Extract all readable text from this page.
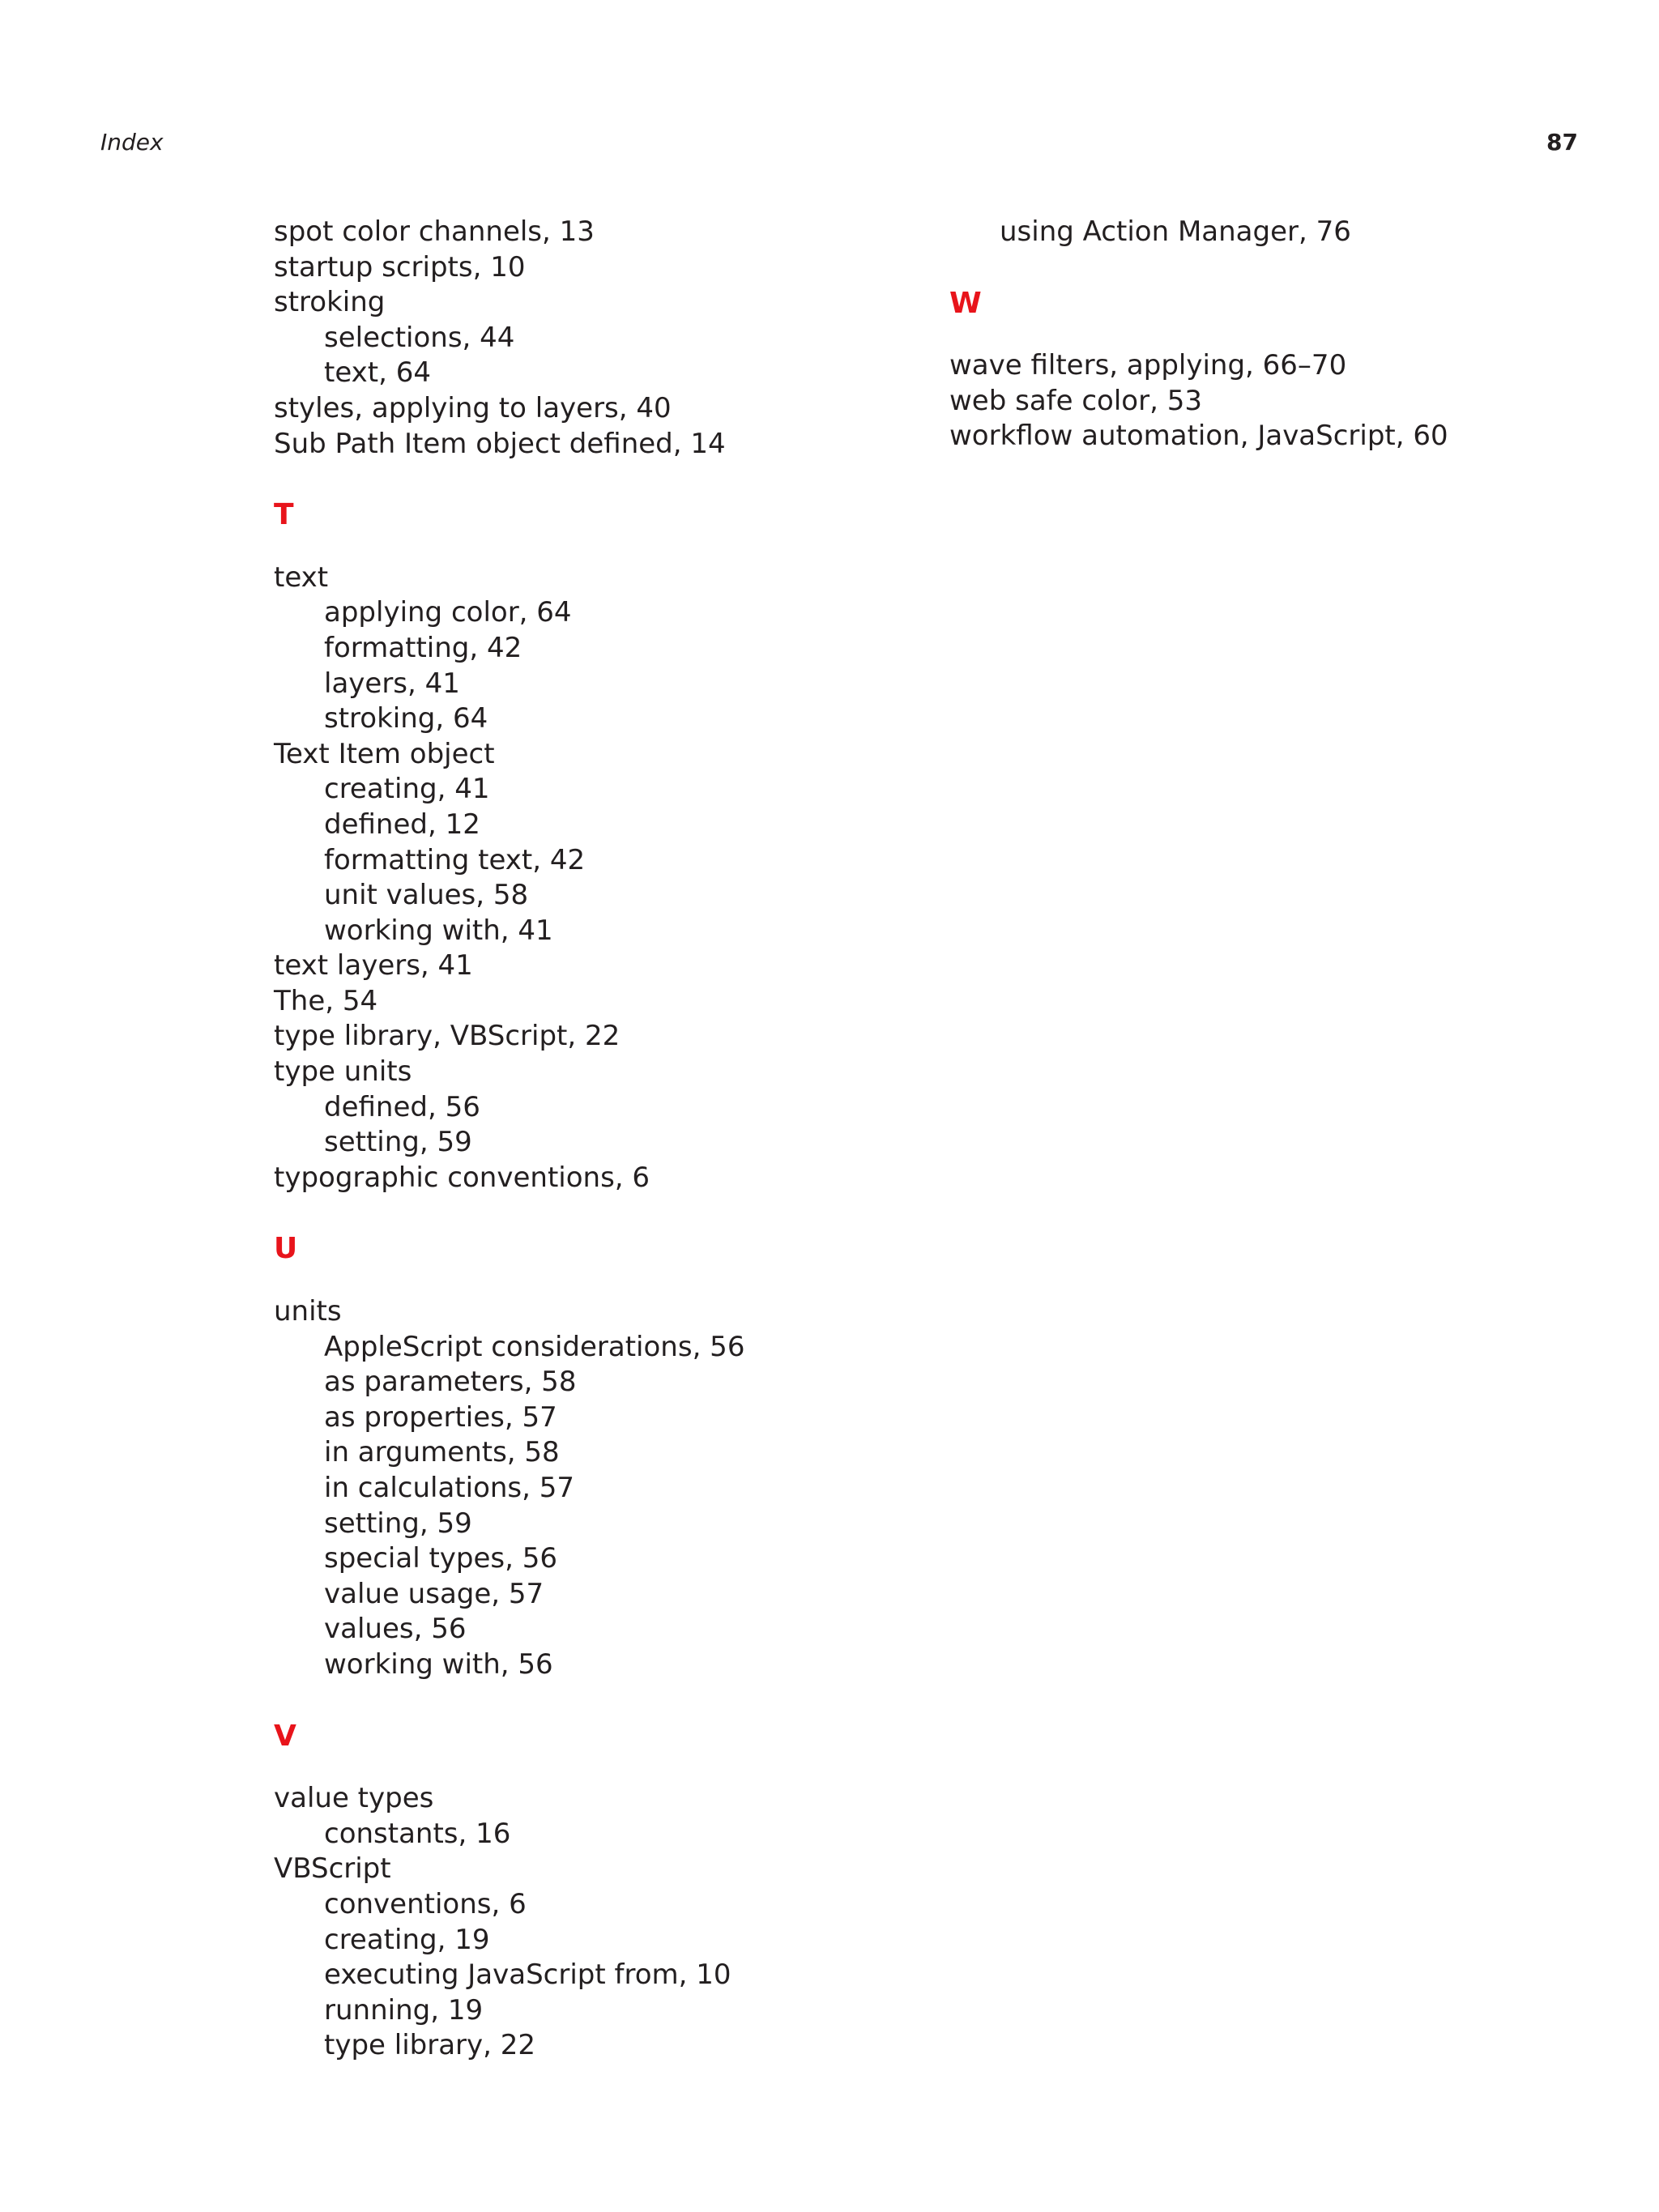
Index	87
spot color channels, 13
startup scripts, 10
stroking
selections, 44
text, 64
styles, applying to layers, 40
Sub Path Item object defined, 14
T
text
applying color, 64
formatting, 42
layers, 41
stroking, 64
Text Item object
creating, 41
defined, 12
formatting text, 42
unit values, 58
working with, 41
text layers, 41
The, 54
type library, VBScript, 22
type units
defined, 56
setting, 59
typographic conventions, 6
U
units
AppleScript considerations, 56
as parameters, 58
as properties, 57
in arguments, 58
in calculations, 57
setting, 59
special types, 56
value usage, 57
values, 56
working with, 56
V
value types
constants, 16
VBScript
conventions, 6
creating, 19
executing JavaScript from, 10
running, 19
type library, 22
using Action Manager, 76
W
wave filters, applying, 66–70
web safe color, 53
workflow automation, JavaScript, 60
